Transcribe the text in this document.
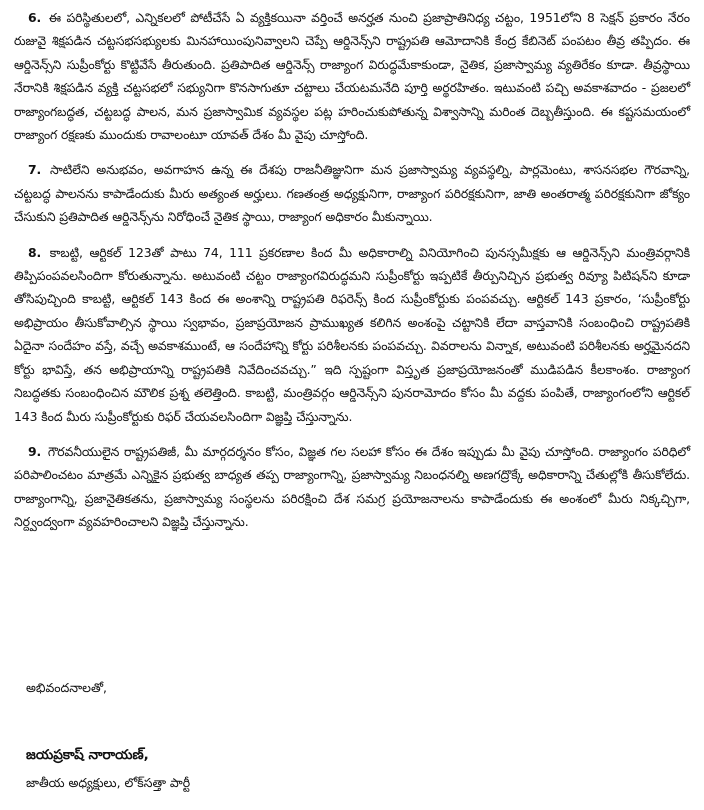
6. ఈ పరిస్థితులలో, ఎన్నికలలో పోటీచేసే ఏ వ్యక్తికయినా వర్తించే అనర్హత నుంచి ప్రజాప్రాతినిధ్య చట్టం, 1951లోని 8 సెక్షన్ ప్రకారం నేరం రుజువై శిక్షపడిన చట్టసభసభ్యులకు మినహాయింపునివ్వాలని చెప్పే ఆర్డినెన్స్‌ని రాష్ట్రపతి ఆమోదానికి కేంద్ర కేబినెట్ పంపటం తీవ్ర తప్పిదం. ఈ ఆర్డినెన్స్‌ని సుప్రీంకోర్టు కొట్టివేసే తీరుతుంది. ప్రతిపాదిత ఆర్డినెన్స్ రాజ్యాంగ విరుద్ధమేకాకుండా, నైతిక, ప్రజాస్వామ్య వ్యతిరేకం కూడా. తీవ్రస్థాయి నేరానికి శిక్షపడిన వ్యక్తి చట్టసభలో సభ్యునిగా కొనసాగుతూ చట్టాలు చేయటమనేది పూర్తి అర్థరహితం. ఇటువంటి పచ్చి అవకాశవాదం - ప్రజలలో రాజ్యాంగబద్ధత, చట్టబద్ధ పాలన, మన ప్రజాస్వామిక వ్యవస్థల పట్ల హరించుకుపోతున్న విశ్వాసాన్ని మరింత దెబ్బతీస్తుంది. ఈ కష్టసమయంలో రాజ్యాంగ రక్షణకు ముందుకు రావాలంటూ యావత్ దేశం మీ వైపు చూస్తోంది.

7. సాటిలేని అనుభవం, అవగాహన ఉన్న ఈ దేశపు రాజనీతిజ్ఞునిగా మన ప్రజాస్వామ్య వ్యవస్థల్ని, పార్లమెంటు, శాసనసభల గౌరవాన్ని, చట్టబద్ధ పాలనను కాపాడేందుకు మీరు అత్యంత అర్హులు. గణతంత్ర అధ్యక్షునిగా, రాజ్యాంగ పరిరక్షకునిగా, జాతి అంతరాత్మ పరిరక్షకునిగా జోక్యం చేసుకుని ప్రతిపాదిత ఆర్డినెన్స్‌ను నిరోధించే నైతిక స్థాయి, రాజ్యాంగ అధికారం మీకున్నాయి.

8. కాబట్టి, ఆర్టికల్ 123తో పాటు 74, 111 ప్రకరణాల కింద మీ అధికారాల్ని వినియోగించి పునస్సమీక్షకు ఆ ఆర్డినెన్స్‌ని మంత్రివర్గానికి తిప్పిపంపవలసిందిగా కోరుతున్నాను. అటువంటి చట్టం రాజ్యాంగవిరుద్ధమని సుప్రీంకోర్టు ఇప్పటికే తీర్పునిచ్చిన ప్రభుత్వ రివ్యూ పిటిషన్‌ని కూడా తోసిపుచ్చింది కాబట్టి, ఆర్టికల్ 143 కింద ఈ అంశాన్ని రాష్ట్రపతి రిఫరెన్స్ కింద సుప్రీంకోర్టుకు పంపవచ్చు. ఆర్టికల్ 143 ప్రకారం, ‘సుప్రీంకోర్టు అభిప్రాయం తీసుకోవాల్సిన స్థాయి స్వభావం, ప్రజాప్రయోజన ప్రాముఖ్యత కలిగిన అంశంపై చట్టానికి లేదా వాస్తవానికి సంబంధించి రాష్ట్రపతికి ఏదైనా సందేహం వస్తే, వచ్చే అవకాశముంటే, ఆ సందేహాన్ని కోర్టు పరిశీలనకు పంపవచ్చు. వివరాలను విన్నాక, అటువంటి పరిశీలనకు అర్హమైనదని కోర్టు భావిస్తే, తన అభిప్రాయాన్ని రాష్ట్రపతికి నివేదించవచ్చు.” ఇది స్పష్టంగా విస్తృత ప్రజాప్రయోజనంతో ముడిపడిన కీలకాంశం. రాజ్యాంగ నిబద్ధతకు సంబంధించిన మౌలిక ప్రశ్న తలెత్తింది. కాబట్టి, మంత్రివర్గం ఆర్డినెన్స్‌ని పునరామోదం కోసం మీ వద్దకు పంపితే, రాజ్యాంగంలోని ఆర్టికల్ 143 కింద మీరు సుప్రీంకోర్టుకు రిఫర్ చేయవలసిందిగా విజ్ఞప్తి చేస్తున్నాను.

9. గౌరవనీయులైన రాష్ట్రపతిజీ, మీ మార్గదర్శనం కోసం, విజ్ఞత గల సలహా కోసం ఈ దేశం ఇప్పుడు మీ వైపు చూస్తోంది. రాజ్యాంగం పరిధిలో పరిపాలించటం మాత్రమే ఎన్నికైన ప్రభుత్వ బాధ్యత తప్ప రాజ్యాంగాన్ని, ప్రజాస్వామ్య నిబంధనల్ని అణగద్రొక్కే అధికారాన్ని చేతుల్లోకి తీసుకోలేదు. రాజ్యాంగాన్ని, ప్రజానైతికతను, ప్రజాస్వామ్య సంస్థలను పరిరక్షించి దేశ సమగ్ర ప్రయోజనాలను కాపాడేందుకు ఈ అంశంలో మీరు నిక్కచ్చిగా, నిర్ద్వంద్వంగా వ్యవహరించాలని విజ్ఞప్తి చేస్తున్నాను.

అభివందనాలతో,

జయప్రకాష్ నారాయణ్,
జాతీయ అధ్యక్షులు, లోక్‌సత్తా పార్టీ
